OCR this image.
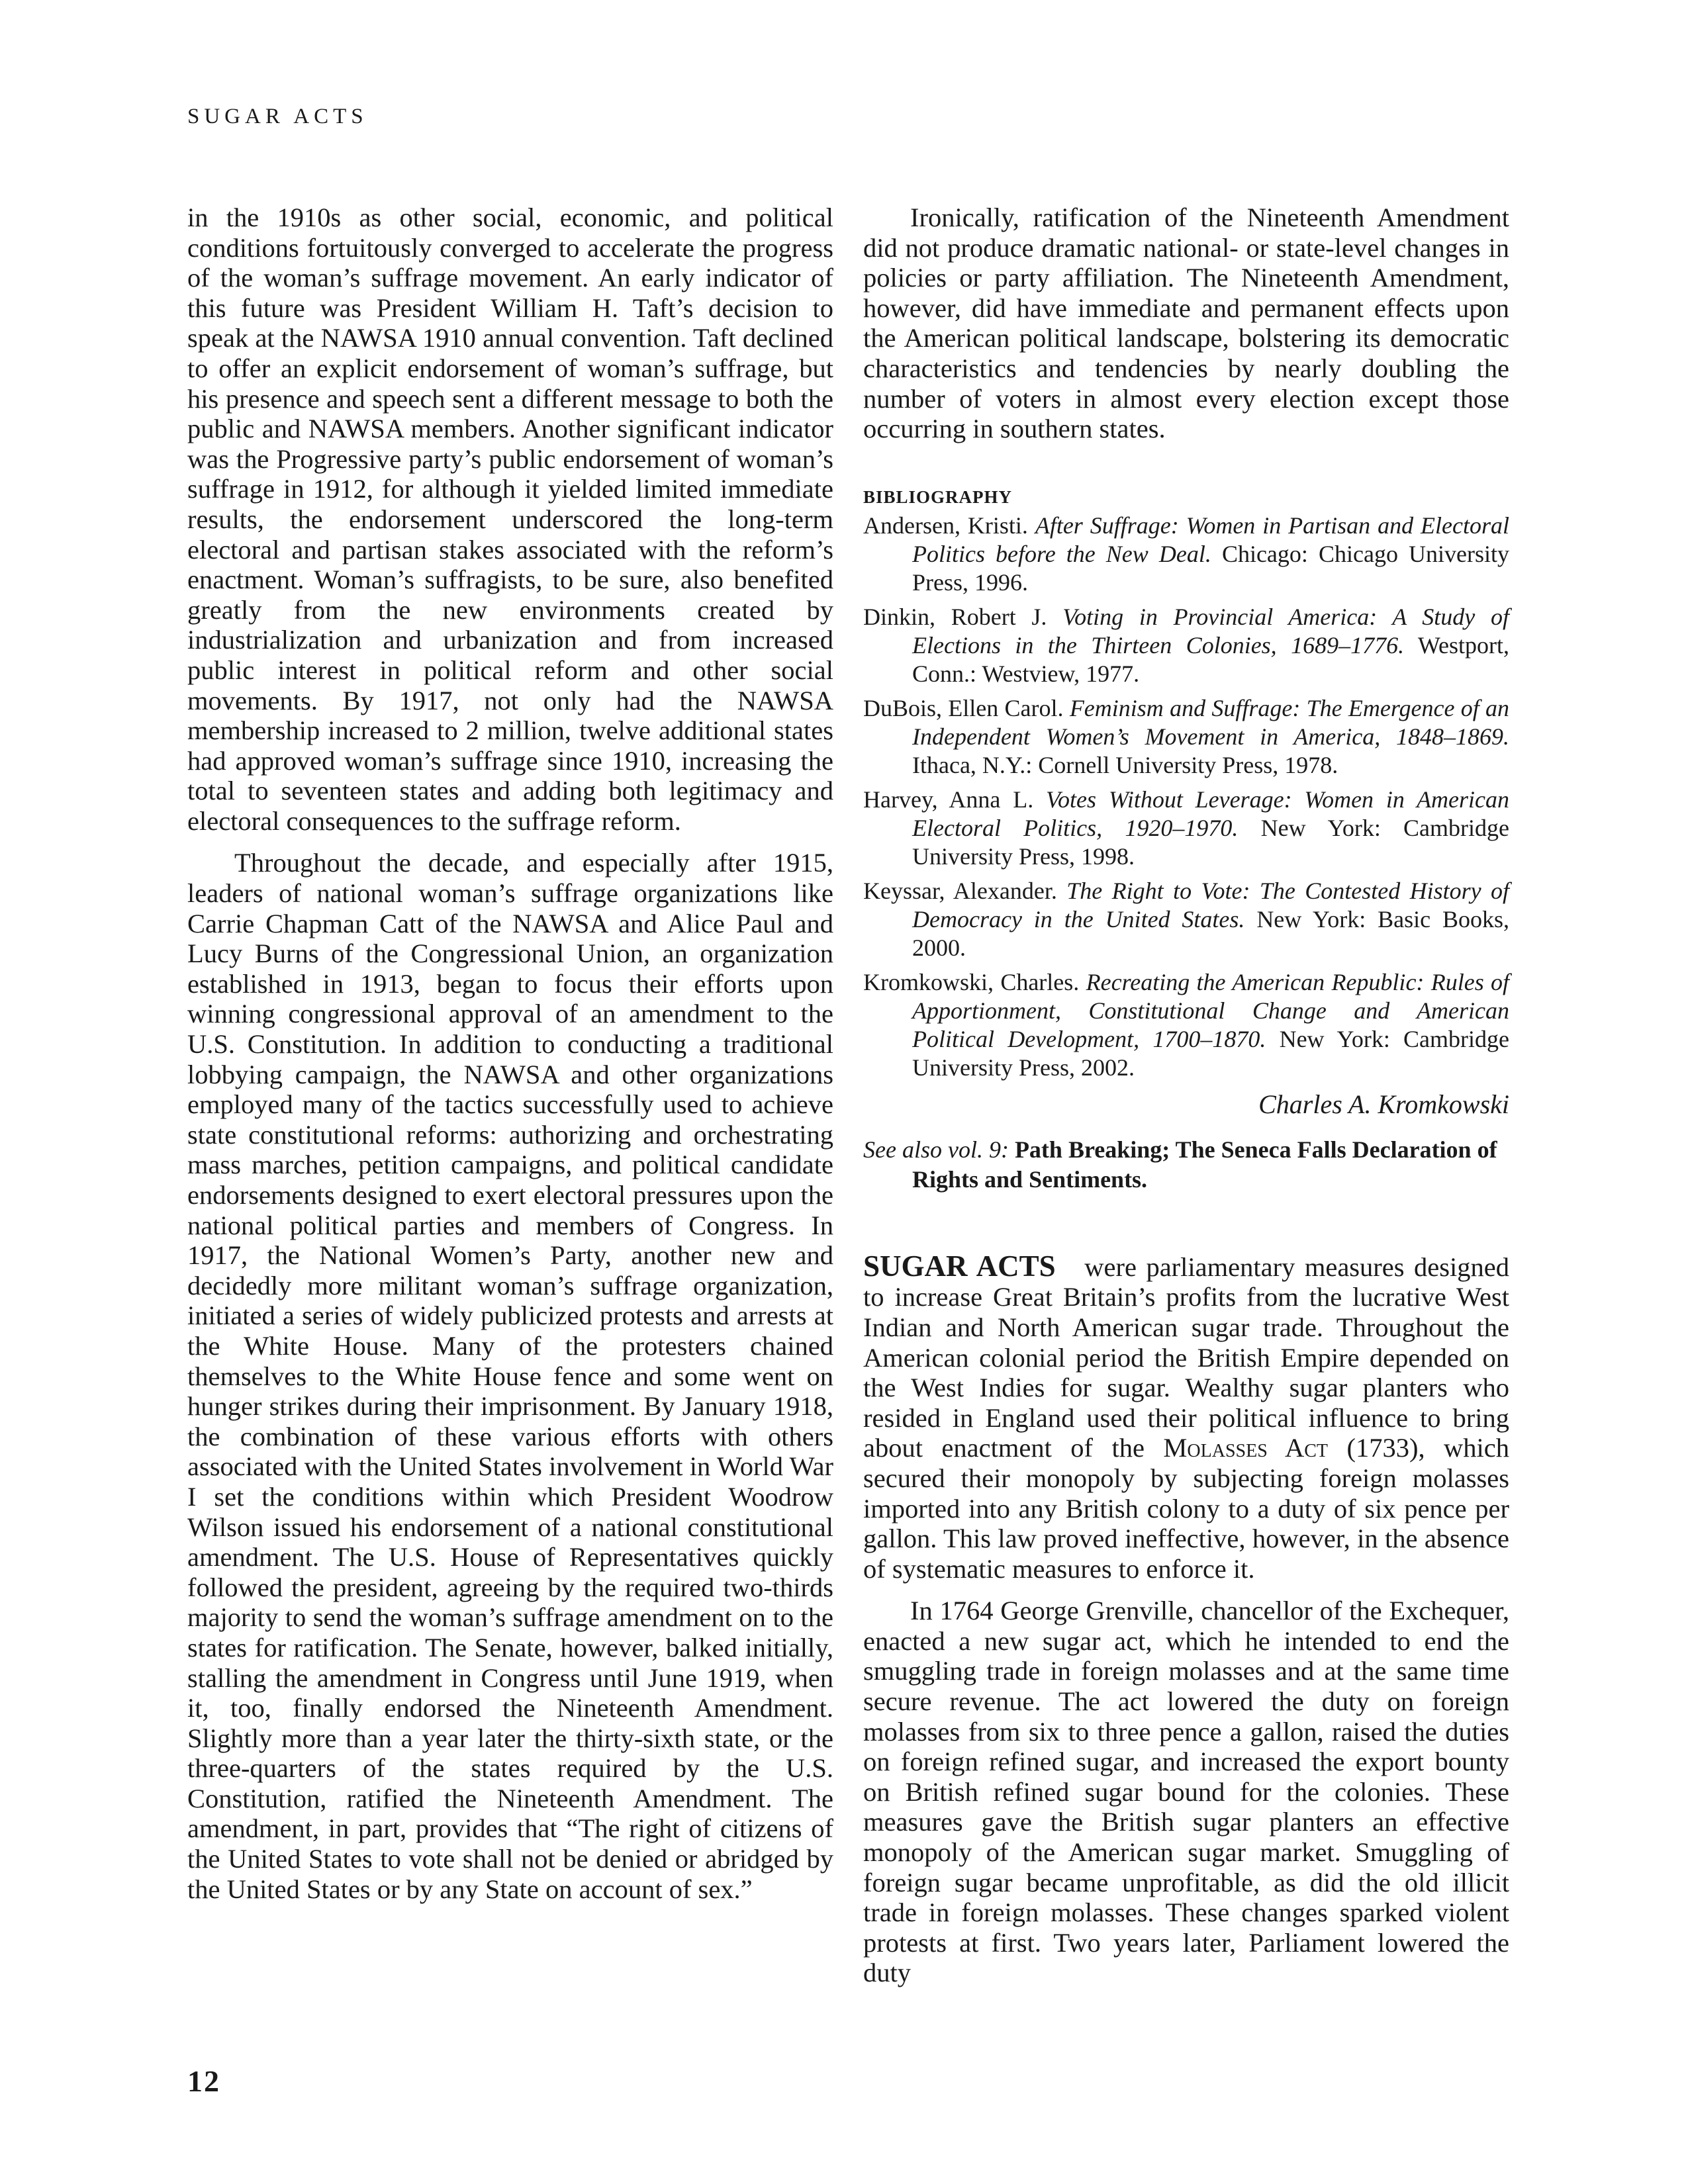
SUGAR ACTS

in the 1910s as other social, economic, and political conditions fortuitously converged to accelerate the progress of the woman’s suffrage movement. An early indicator of this future was President William H. Taft’s decision to speak at the NAWSA 1910 annual convention. Taft declined to offer an explicit endorsement of woman’s suffrage, but his presence and speech sent a different message to both the public and NAWSA members. Another significant indicator was the Progressive party’s public endorsement of woman’s suffrage in 1912, for although it yielded limited immediate results, the endorsement underscored the long-term electoral and partisan stakes associated with the reform’s enactment. Woman’s suffragists, to be sure, also benefited greatly from the new environments created by industrialization and urbanization and from increased public interest in political reform and other social movements. By 1917, not only had the NAWSA membership increased to 2 million, twelve additional states had approved woman’s suffrage since 1910, increasing the total to seventeen states and adding both legitimacy and electoral consequences to the suffrage reform.

Throughout the decade, and especially after 1915, leaders of national woman’s suffrage organizations like Carrie Chapman Catt of the NAWSA and Alice Paul and Lucy Burns of the Congressional Union, an organization established in 1913, began to focus their efforts upon winning congressional approval of an amendment to the U.S. Constitution. In addition to conducting a traditional lobbying campaign, the NAWSA and other organizations employed many of the tactics successfully used to achieve state constitutional reforms: authorizing and orchestrating mass marches, petition campaigns, and political candidate endorsements designed to exert electoral pressures upon the national political parties and members of Congress. In 1917, the National Women’s Party, another new and decidedly more militant woman’s suffrage organization, initiated a series of widely publicized protests and arrests at the White House. Many of the protesters chained themselves to the White House fence and some went on hunger strikes during their imprisonment. By January 1918, the combination of these various efforts with others associated with the United States involvement in World War I set the conditions within which President Woodrow Wilson issued his endorsement of a national constitutional amendment. The U.S. House of Representatives quickly followed the president, agreeing by the required two-thirds majority to send the woman’s suffrage amendment on to the states for ratification. The Senate, however, balked initially, stalling the amendment in Congress until June 1919, when it, too, finally endorsed the Nineteenth Amendment. Slightly more than a year later the thirty-sixth state, or the three-quarters of the states required by the U.S. Constitution, ratified the Nineteenth Amendment. The amendment, in part, provides that “The right of citizens of the United States to vote shall not be denied or abridged by the United States or by any State on account of sex.”

Ironically, ratification of the Nineteenth Amendment did not produce dramatic national- or state-level changes in policies or party affiliation. The Nineteenth Amendment, however, did have immediate and permanent effects upon the American political landscape, bolstering its democratic characteristics and tendencies by nearly doubling the number of voters in almost every election except those occurring in southern states.

BIBLIOGRAPHY
Andersen, Kristi. After Suffrage: Women in Partisan and Electoral Politics before the New Deal. Chicago: Chicago University Press, 1996.
Dinkin, Robert J. Voting in Provincial America: A Study of Elections in the Thirteen Colonies, 1689–1776. Westport, Conn.: Westview, 1977.
DuBois, Ellen Carol. Feminism and Suffrage: The Emergence of an Independent Women’s Movement in America, 1848–1869. Ithaca, N.Y.: Cornell University Press, 1978.
Harvey, Anna L. Votes Without Leverage: Women in American Electoral Politics, 1920–1970. New York: Cambridge University Press, 1998.
Keyssar, Alexander. The Right to Vote: The Contested History of Democracy in the United States. New York: Basic Books, 2000.
Kromkowski, Charles. Recreating the American Republic: Rules of Apportionment, Constitutional Change and American Political Development, 1700–1870. New York: Cambridge University Press, 2002.

Charles A. Kromkowski

See also vol. 9: Path Breaking; The Seneca Falls Declaration of Rights and Sentiments.

SUGAR ACTS were parliamentary measures designed to increase Great Britain’s profits from the lucrative West Indian and North American sugar trade. Throughout the American colonial period the British Empire depended on the West Indies for sugar. Wealthy sugar planters who resided in England used their political influence to bring about enactment of the Molasses Act (1733), which secured their monopoly by subjecting foreign molasses imported into any British colony to a duty of six pence per gallon. This law proved ineffective, however, in the absence of systematic measures to enforce it.

In 1764 George Grenville, chancellor of the Exchequer, enacted a new sugar act, which he intended to end the smuggling trade in foreign molasses and at the same time secure revenue. The act lowered the duty on foreign molasses from six to three pence a gallon, raised the duties on foreign refined sugar, and increased the export bounty on British refined sugar bound for the colonies. These measures gave the British sugar planters an effective monopoly of the American sugar market. Smuggling of foreign sugar became unprofitable, as did the old illicit trade in foreign molasses. These changes sparked violent protests at first. Two years later, Parliament lowered the duty

12
